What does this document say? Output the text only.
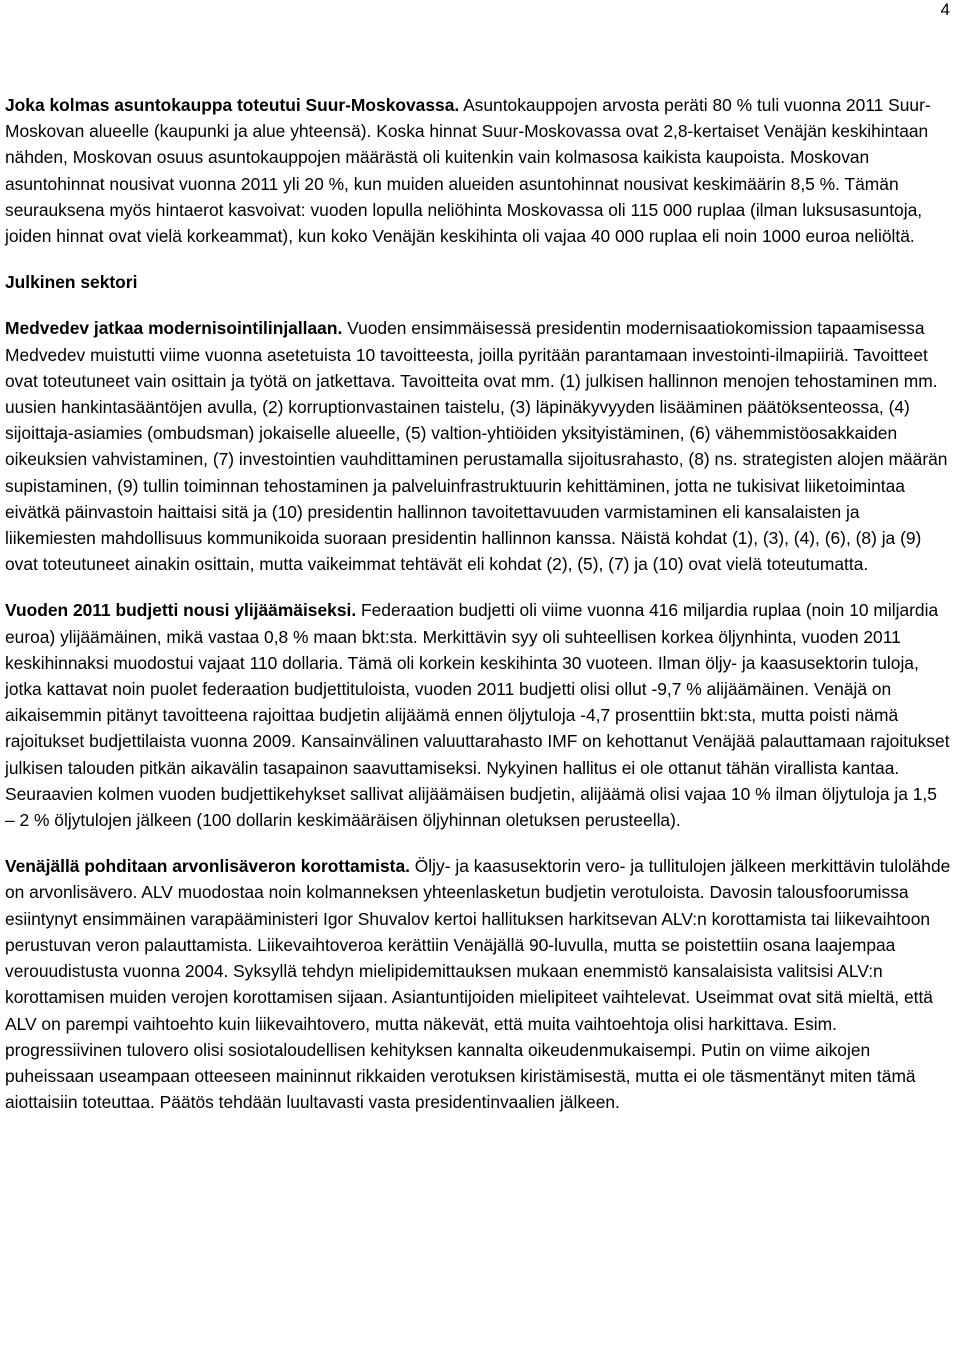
4

Joka kolmas asuntokauppa toteutui Suur-Moskovassa. Asuntokauppojen arvosta peräti 80 % tuli vuonna 2011 Suur-Moskovan alueelle (kaupunki ja alue yhteensä). Koska hinnat Suur-Moskovassa ovat 2,8-kertaiset Venäjän keskihintaan nähden, Moskovan osuus asuntokauppojen määrästä oli kuitenkin vain kolmasosa kaikista kaupoista. Moskovan asuntohinnat nousivat vuonna 2011 yli 20 %, kun muiden alueiden asuntohinnat nousivat keskimäärin 8,5 %. Tämän seurauksena myös hintaerot kasvoivat: vuoden lopulla neliöhinta Moskovassa oli 115 000 ruplaa (ilman luksusasuntoja, joiden hinnat ovat vielä korkeammat), kun koko Venäjän keskihinta oli vajaa 40 000 ruplaa eli noin 1000 euroa neliöltä.

Julkinen sektori

Medvedev jatkaa modernisointilinjallaan. Vuoden ensimmäisessä presidentin modernisaatiokomission tapaamisessa Medvedev muistutti viime vuonna asetetuista 10 tavoitteesta, joilla pyritään parantamaan investointi-ilmapiiriä. Tavoitteet ovat toteutuneet vain osittain ja työtä on jatkettava. Tavoitteita ovat mm. (1) julkisen hallinnon menojen tehostaminen mm. uusien hankintasääntöjen avulla, (2) korruptionvastainen taistelu, (3) läpinäkyvyyden lisääminen päätöksenteossa, (4) sijoittaja-asiamies (ombudsman) jokaiselle alueelle, (5) valtion-yhtiöiden yksityistäminen, (6) vähemmistöosakkaiden oikeuksien vahvistaminen, (7) investointien vauhdittaminen perustamalla sijoitusrahasto, (8) ns. strategisten alojen määrän supistaminen, (9) tullin toiminnan tehostaminen ja palveluinfrastruktuurin kehittäminen, jotta ne tukisivat liiketoimintaa eivätkä päinvastoin haittaisi sitä ja (10) presidentin hallinnon tavoitettavuuden varmistaminen eli kansalaisten ja liikemiesten mahdollisuus kommunikoida suoraan presidentin hallinnon kanssa. Näistä kohdat (1), (3), (4), (6), (8) ja (9) ovat toteutuneet ainakin osittain, mutta vaikeimmat tehtävät eli kohdat (2), (5), (7) ja (10) ovat vielä toteutumatta.

Vuoden 2011 budjetti nousi ylijäämäiseksi. Federaation budjetti oli viime vuonna 416 miljardia ruplaa (noin 10 miljardia euroa) ylijäämäinen, mikä vastaa 0,8 % maan bkt:sta. Merkittävin syy oli suhteellisen korkea öljynhinta, vuoden 2011 keskihinnaksi muodostui vajaat 110 dollaria. Tämä oli korkein keskihinta 30 vuoteen. Ilman öljy- ja kaasusektorin tuloja, jotka kattavat noin puolet federaation budjettituloista, vuoden 2011 budjetti olisi ollut -9,7 % alijäämäinen. Venäjä on aikaisemmin pitänyt tavoitteena rajoittaa budjetin alijäämä ennen öljytuloja -4,7 prosenttiin bkt:sta, mutta poisti nämä rajoitukset budjettilaista vuonna 2009. Kansainvälinen valuuttarahasto IMF on kehottanut Venäjää palauttamaan rajoitukset julkisen talouden pitkän aikavälin tasapainon saavuttamiseksi. Nykyinen hallitus ei ole ottanut tähän virallista kantaa. Seuraavien kolmen vuoden budjettikehykset sallivat alijäämäisen budjetin, alijäämä olisi vajaa 10 % ilman öljytuloja ja 1,5 – 2 % öljytulojen jälkeen (100 dollarin keskimääräisen öljyhinnan oletuksen perusteella).

Venäjällä pohditaan arvonlisäveron korottamista. Öljy- ja kaasusektorin vero- ja tullitulojen jälkeen merkittävin tulolähde on arvonlisävero. ALV muodostaa noin kolmanneksen yhteenlasketun budjetin verotuloista. Davosin talousfoorumissa esiintynyt ensimmäinen varapääministeri Igor Shuvalov kertoi hallituksen harkitsevan ALV:n korottamista tai liikevaihtoon perustuvan veron palauttamista. Liikevaihtoveroa kerättiin Venäjällä 90-luvulla, mutta se poistettiin osana laajempaa verouudistusta vuonna 2004. Syksyllä tehdyn mielipidemittauksen mukaan enemmistö kansalaisista valitsisi ALV:n korottamisen muiden verojen korottamisen sijaan. Asiantuntijoiden mielipiteet vaihtelevat. Useimmat ovat sitä mieltä, että ALV on parempi vaihtoehto kuin liikevaihtovero, mutta näkevät, että muita vaihtoehtoja olisi harkittava. Esim. progressiivinen tulovero olisi sosiotaloudellisen kehityksen kannalta oikeudenmukaisempi. Putin on viime aikojen puheissaan useampaan otteeseen maininnut rikkaiden verotuksen kiristämisestä, mutta ei ole täsmentänyt miten tämä aiottaisiin toteuttaa. Päätös tehdään luultavasti vasta presidentinvaalien jälkeen.
